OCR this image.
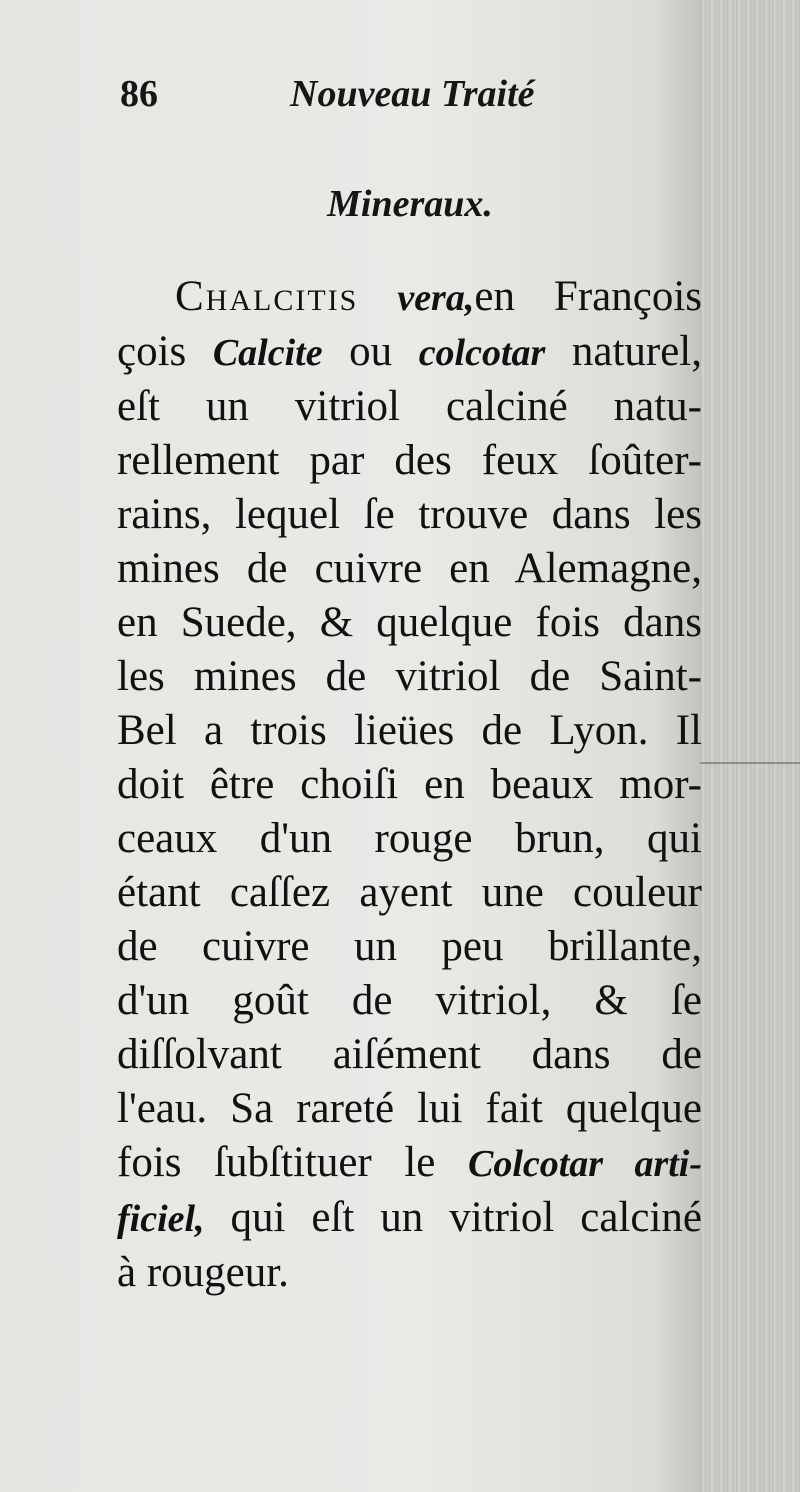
86	Nouveau Traité
Mineraux.
Chalcitis vera,en François
çois Calcite ou colcotar naturel,
eſt un vitriol calciné natu-
rellement par des feux ſoûter-
rains, lequel ſe trouve dans les
mines de cuivre en Alemagne,
en Suede, & quelque fois dans
les mines de vitriol de Saint-
Bel a trois lieües de Lyon. Il
doit être choiſi en beaux mor-
ceaux d'un rouge brun, qui
étant caſſez ayent une couleur
de cuivre un peu brillante,
d'un goût de vitriol, & ſe
diſſolvant aiſément dans de
l'eau. Sa rareté lui fait quelque
fois ſubſtituer le Colcotar arti-
ficiel, qui eſt un vitriol calciné
à rougeur.
